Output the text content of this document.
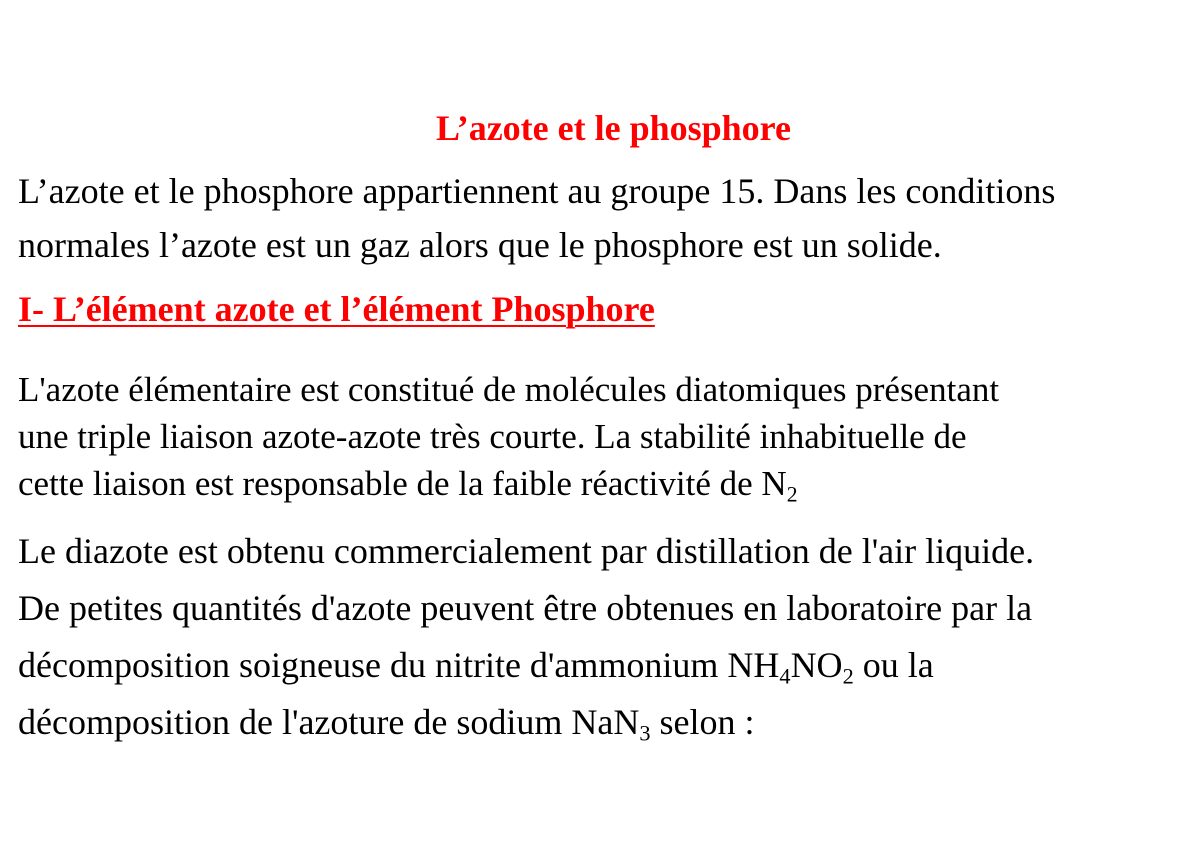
L’azote et le phosphore

L’azote et le phosphore appartiennent au groupe 15. Dans les conditions
normales l’azote est un gaz alors que le phosphore est un solide.

I- L’élément azote et l’élément Phosphore

L'azote élémentaire est constitué de molécules diatomiques présentant
une triple liaison azote-azote très courte. La stabilité inhabituelle de
cette liaison est responsable de la faible réactivité de $N_2$

Le diazote est obtenu commercialement par distillation de l'air liquide.
De petites quantités d'azote peuvent être obtenues en laboratoire par la
décomposition soigneuse du nitrite d'ammonium $NH_4NO_2$ ou la
décomposition de l'azoture de sodium NaN$_3$ selon :
